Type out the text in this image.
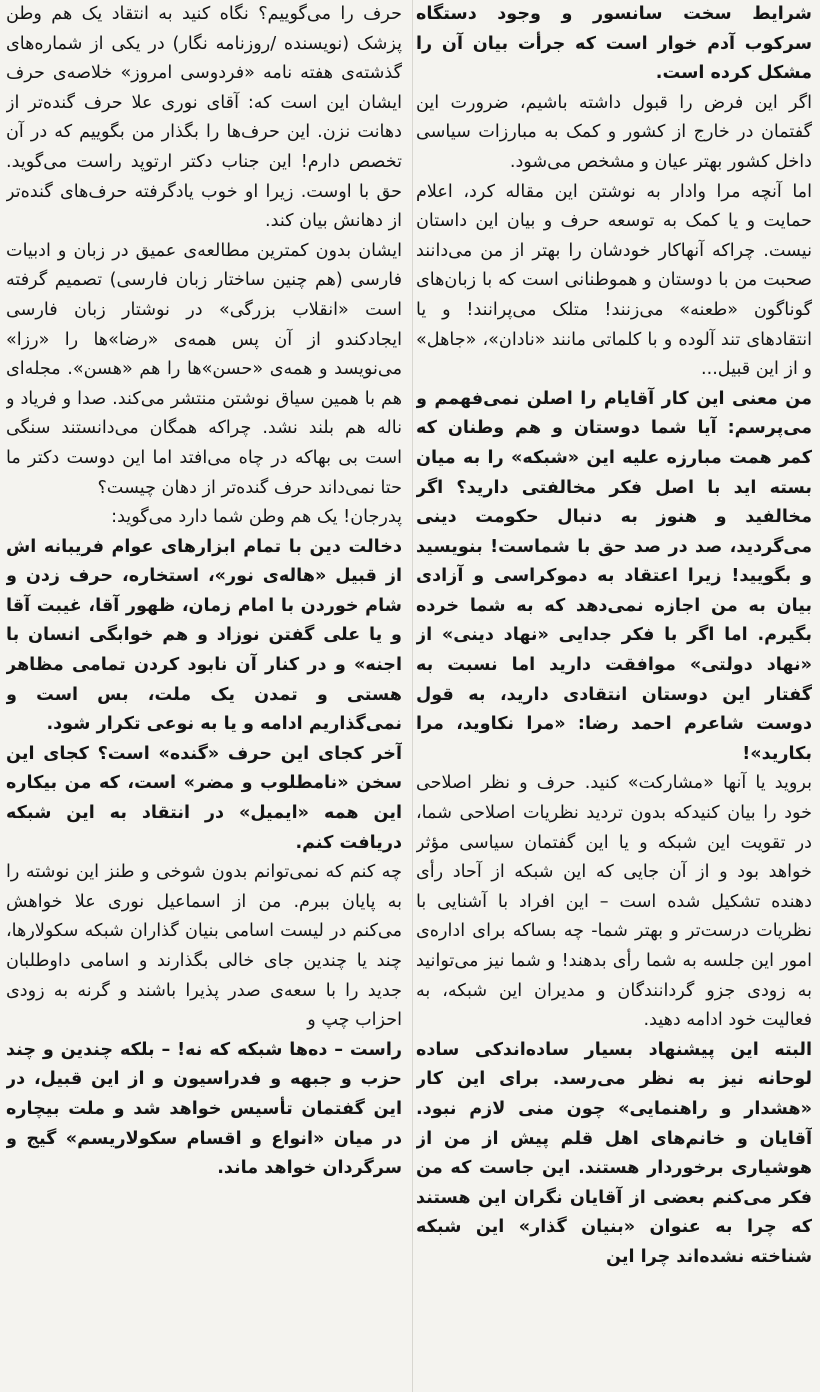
شرایط سخت سانسور و وجود دستگاه سرکوب آدم خوار است که جرأت بیان آن را مشکل کرده است.

اگر این فرض را قبول داشته باشیم، ضرورت این گفتمان در خارج از کشور و کمک به مبارزات سیاسی داخل کشور بهتر عیان و مشخص می‌شود.

اما آنچه مرا وادار به نوشتن این مقاله کرد، اعلام حمایت و یا کمک به توسعه حرف و بیان این داستان نیست. چراکه آنهاکار خودشان را بهتر از من می‌دانند صحبت من با دوستان و هموطنانی است که با زبان‌های گوناگون «طعنه» می‌زنند! متلک می‌پرانند! و یا انتقادهای تند آلوده و با کلماتی مانند «نادان»، «جاهل» و از این قبیل...

من معنی این کار آقایام را اصلن نمی‌فهمم و می‌پرسم: آیا شما دوستان و هم وطنان که کمر همت مبارزه علیه این «شبکه» را به میان بسته اید با اصل فکر مخالفتی دارید؟ اگر مخالفید و هنوز به دنبال حکومت دینی می‌گردید، صد در صد حق با شماست! بنویسید و بگویید! زیرا اعتقاد به دموکراسی و آزادی بیان به من اجازه نمی‌دهد که به شما خرده بگیرم. اما اگر با فکر جدایی «نهاد دینی» از «نهاد دولتی» موافقت دارید اما نسبت به گفتار این دوستان انتقادی دارید، به قول دوست شاعرم احمد رضا: «مرا نکاوید، مرا بکارید»!

بروید یا آنها «مشارکت» کنید. حرف و نظر اصلاحی خود را بیان کنیدکه بدون تردید نظریات اصلاحی شما، در تقویت این شبکه و یا این گفتمان سیاسی مؤثر خواهد بود و از آن جایی که این شبکه از آحاد رأی دهنده تشکیل شده است – این افراد با آشنایی با نظریات درست‌تر و بهتر شما- چه بساکه برای اداره‌ی امور این جلسه به شما رأی بدهند! و شما نیز می‌توانید به زودی جزو گردانندگان و مدیران این شبکه، به فعالیت خود ادامه دهید.

البته این پیشنهاد بسیار ساده‌اندکی ساده لوحانه نیز به نظر می‌رسد. برای این کار «هشدار و راهنمایی» چون منی لازم نبود. آقایان و خانم‌های اهل قلم پیش از من از هوشیاری برخوردار هستند. این جاست که من فکر می‌کنم بعضی از آقایان نگران این هستند که چرا به عنوان «بنیان گذار» این شبکه شناخته نشده‌اند چرا این

حرف را می‌گوییم؟ نگاه کنید به انتقاد یک هم وطن پزشک (نویسنده /روزنامه نگار) در یکی از شماره‌های گذشته‌ی هفته نامه «فردوسی امروز» خلاصه‌ی حرف ایشان این است که: آقای نوری علا حرف گنده‌تر از دهانت نزن. این حرف‌ها را بگذار من بگوییم که در آن تخصص دارم! این جناب دکتر ارتوپد راست می‌گوید. حق با اوست. زیرا او خوب یادگرفته حرف‌های گنده‌تر از دهانش بیان کند.

ایشان بدون کمترین مطالعه‌ی عمیق در زبان و ادبیات فارسی (هم چنین ساختار زبان فارسی) تصمیم گرفته است «انقلاب بزرگی» در نوشتار زبان فارسی ایجادکندو از آن پس همه‌ی «رضا»ها را «رزا» می‌نویسد و همه‌ی «حسن»ها را هم «هسن». مجله‌ای هم با همین سیاق نوشتن منتشر می‌کند. صدا و فریاد و ناله هم بلند نشد. چراکه همگان می‌دانستند سنگی است بی بهاکه در چاه می‌افتد اما این دوست دکتر ما حتا نمی‌داند حرف گنده‌تر از دهان چیست؟

پدرجان! یک هم وطن شما دارد می‌گوید:

دخالت دین با تمام ابزارهای عوام فریبانه اش از قبیل «هاله‌ی نور»، استخاره، حرف زدن و شام خوردن با امام زمان، ظهور آقا، غیبت آقا و یا علی گفتن نوزاد و هم خوابگی انسان با اجنه» و در کنار آن نابود کردن تمامی مظاهر هستی و تمدن یک ملت، بس است و نمی‌گذاریم ادامه و یا به نوعی تکرار شود.

آخر کجای این حرف «گنده» است؟ کجای این سخن «نامطلوب و مضر» است، که من بیکاره این همه «ایمیل» در انتقاد به این شبکه دریافت کنم.

چه کنم که نمی‌توانم بدون شوخی و طنز این نوشته را به پایان ببرم. من از اسماعیل نوری علا خواهش می‌کنم در لیست اسامی بنیان گذاران شبکه سکولارها، چند یا چندین جای خالی بگذارند و اسامی داوطلبان جدید را با سعه‌ی صدر پذیرا باشند و گرنه به زودی احزاب چپ و

راست – ده‌ها شبکه که نه! – بلکه چندین و چند حزب و جبهه و فدراسیون و از این قبیل، در این گفتمان تأسیس خواهد شد و ملت بیچاره در میان «انواع و اقسام سکولاریسم» گیج و سرگردان خواهد ماند.
